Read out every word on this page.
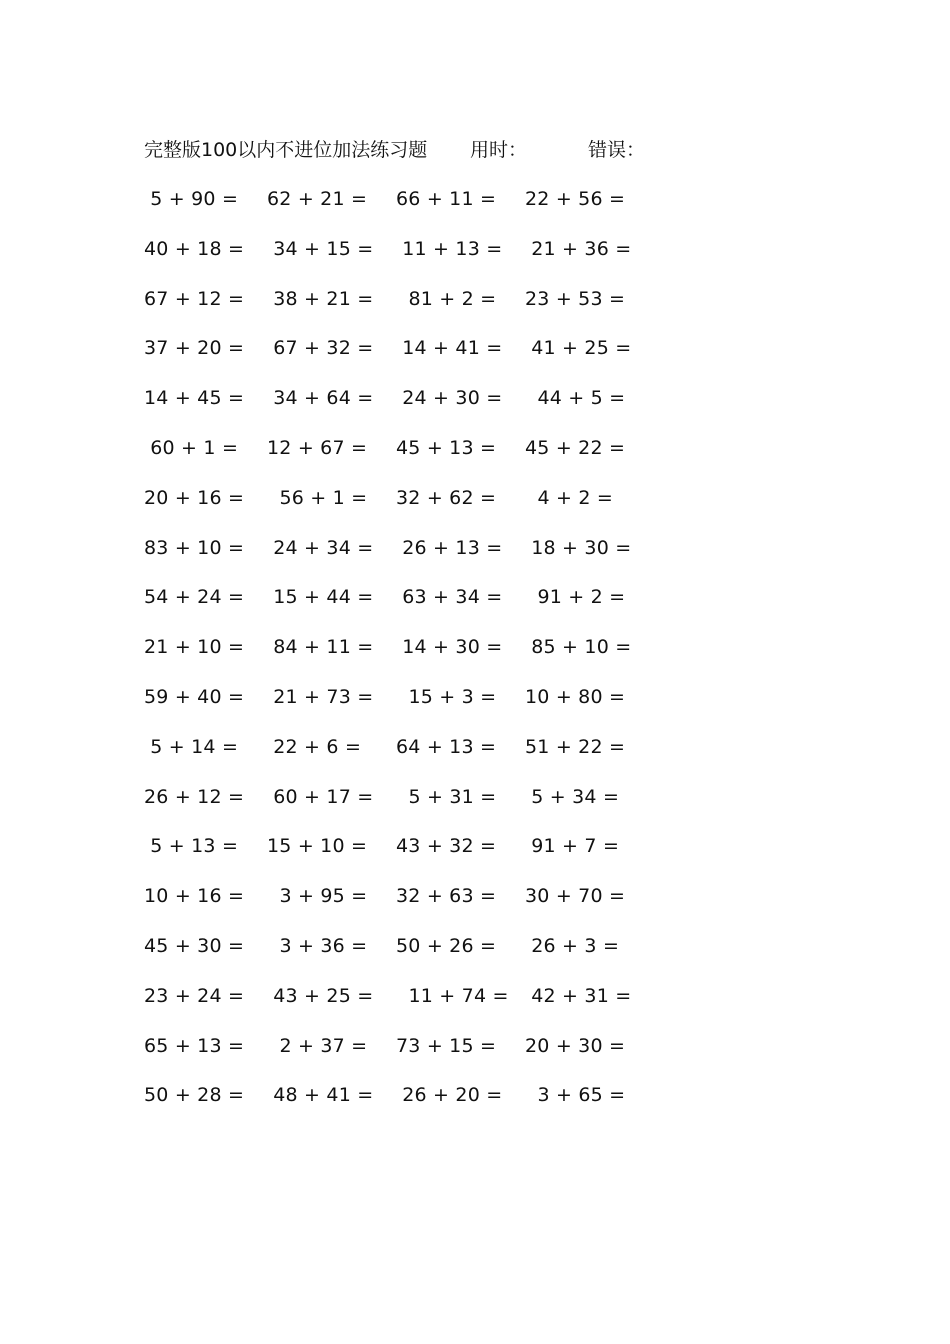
完整版100以内不进位加法练习题 用时：	错误：
5 + 90 =	62 + 21 =	66 + 11 =	22 + 56 =
40 + 18 =	34 + 15 =	11 + 13 =	21 + 36 =
67 + 12 =	38 + 21 =	81 + 2 =	23 + 53 =
37 + 20 =	67 + 32 =	14 + 41 =	41 + 25 =
14 + 45 =	34 + 64 =	24 + 30 =	44 + 5 =
60 + 1 =	12 + 67 =	45 + 13 =	45 + 22 =
20 + 16 =	56 + 1 =	32 + 62 =	4 + 2 =
83 + 10 =	24 + 34 =	26 + 13 =	18 + 30 =
54 + 24 =	15 + 44 =	63 + 34 =	91 + 2 =
21 + 10 =	84 + 11 =	14 + 30 =	85 + 10 =
59 + 40 =	21 + 73 =	15 + 3 =	10 + 80 =
5 + 14 =	22 + 6 =	64 + 13 =	51 + 22 =
26 + 12 =	60 + 17 =	5 + 31 =	5 + 34 =
5 + 13 =	15 + 10 =	43 + 32 =	91 + 7 =
10 + 16 =	3 + 95 =	32 + 63 =	30 + 70 =
45 + 30 =	3 + 36 =	50 + 26 =	26 + 3 =
23 + 24 =	43 + 25 =	11 + 74 = 42 + 31 =
65 + 13 =	2 + 37 =	73 + 15 =	20 + 30 =
50 + 28 =	48 + 41 =	26 + 20 =	3 + 65 =
